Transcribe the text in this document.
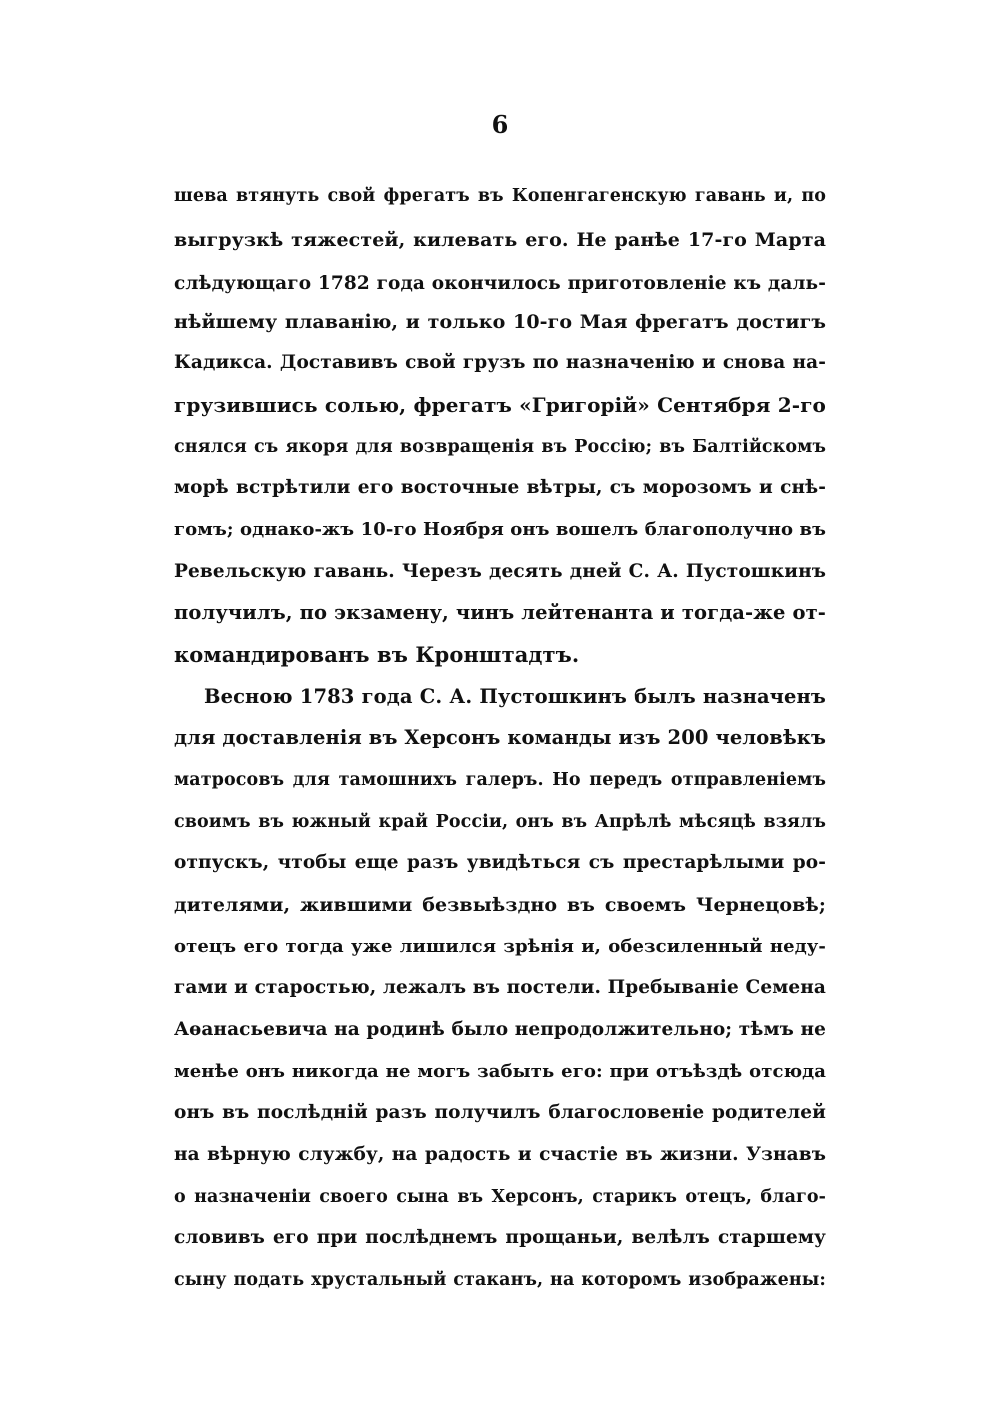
6
шева втянуть свой фрегатъ въ Копенгагенскую гавань и, по
выгрузкѣ тяжестей, килевать его. Не ранѣе 17-го Марта
слѣдующаго 1782 года окончилось приготовленіе къ даль-
нѣйшему плаванію, и только 10-го Мая фрегатъ достигъ
Кадикса. Доставивъ свой грузъ по назначенію и снова на-
грузившись солью, фрегатъ «Григорій» Сентября 2-го
снялся съ якоря для возвращенія въ Россію; въ Балтійскомъ
морѣ встрѣтили его восточные вѣтры, съ морозомъ и снѣ-
гомъ; однако-жъ 10-го Ноября онъ вошелъ благополучно въ
Ревельскую гавань. Черезъ десять дней С. А. Пустошкинъ
получилъ, по экзамену, чинъ лейтенанта и тогда-же от-
командированъ въ Кронштадтъ.
Весною 1783 года С. А. Пустошкинъ былъ назначенъ
для доставленія въ Херсонъ команды изъ 200 человѣкъ
матросовъ для тамошнихъ галеръ. Но передъ отправленіемъ
своимъ въ южный край Россіи, онъ въ Апрѣлѣ мѣсяцѣ взялъ
отпускъ, чтобы еще разъ увидѣться съ престарѣлыми ро-
дителями, жившими безвыѣздно въ своемъ Чернецовѣ;
отецъ его тогда уже лишился зрѣнія и, обезсиленный неду-
гами и старостью, лежалъ въ постели. Пребываніе Семена
Аѳанасьевича на родинѣ было непродолжительно; тѣмъ не
менѣе онъ никогда не могъ забыть его: при отъѣздѣ отсюда
онъ въ послѣдній разъ получилъ благословеніе родителей
на вѣрную службу, на радость и счастіе въ жизни. Узнавъ
о назначеніи своего сына въ Херсонъ, старикъ отецъ, благо-
словивъ его при послѣднемъ прощаньи, велѣлъ старшему
сыну подать хрустальный стаканъ, на которомъ изображены:
